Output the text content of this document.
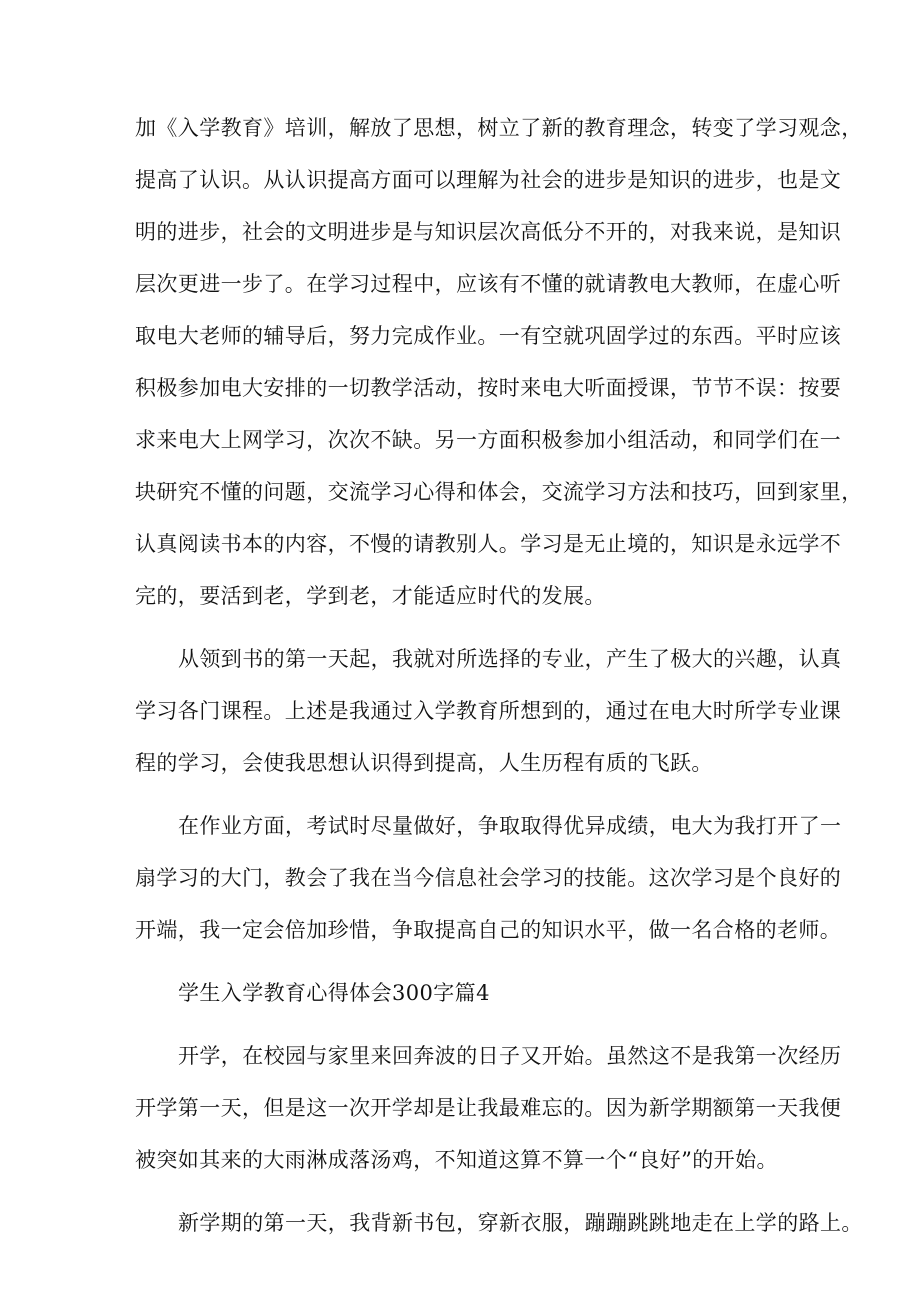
加《入学教育》培训，解放了思想，树立了新的教育理念，转变了学习观念，
提高了认识。从认识提高方面可以理解为社会的进步是知识的进步，也是文
明的进步，社会的文明进步是与知识层次高低分不开的，对我来说，是知识
层次更进一步了。在学习过程中，应该有不懂的就请教电大教师，在虚心听
取电大老师的辅导后，努力完成作业。一有空就巩固学过的东西。平时应该
积极参加电大安排的一切教学活动，按时来电大听面授课，节节不误：按要
求来电大上网学习，次次不缺。另一方面积极参加小组活动，和同学们在一
块研究不懂的问题，交流学习心得和体会，交流学习方法和技巧，回到家里，
认真阅读书本的内容，不慢的请教别人。学习是无止境的，知识是永远学不
完的，要活到老，学到老，才能适应时代的发展。
从领到书的第一天起，我就对所选择的专业，产生了极大的兴趣，认真
学习各门课程。上述是我通过入学教育所想到的，通过在电大时所学专业课
程的学习，会使我思想认识得到提高，人生历程有质的飞跃。
在作业方面，考试时尽量做好，争取取得优异成绩，电大为我打开了一
扇学习的大门，教会了我在当今信息社会学习的技能。这次学习是个良好的
开端，我一定会倍加珍惜，争取提高自己的知识水平，做一名合格的老师。
学生入学教育心得体会300字篇4
开学，在校园与家里来回奔波的日子又开始。虽然这不是我第一次经历
开学第一天，但是这一次开学却是让我最难忘的。因为新学期额第一天我便
被突如其来的大雨淋成落汤鸡，不知道这算不算一个“良好”的开始。
新学期的第一天，我背新书包，穿新衣服，蹦蹦跳跳地走在上学的路上。
